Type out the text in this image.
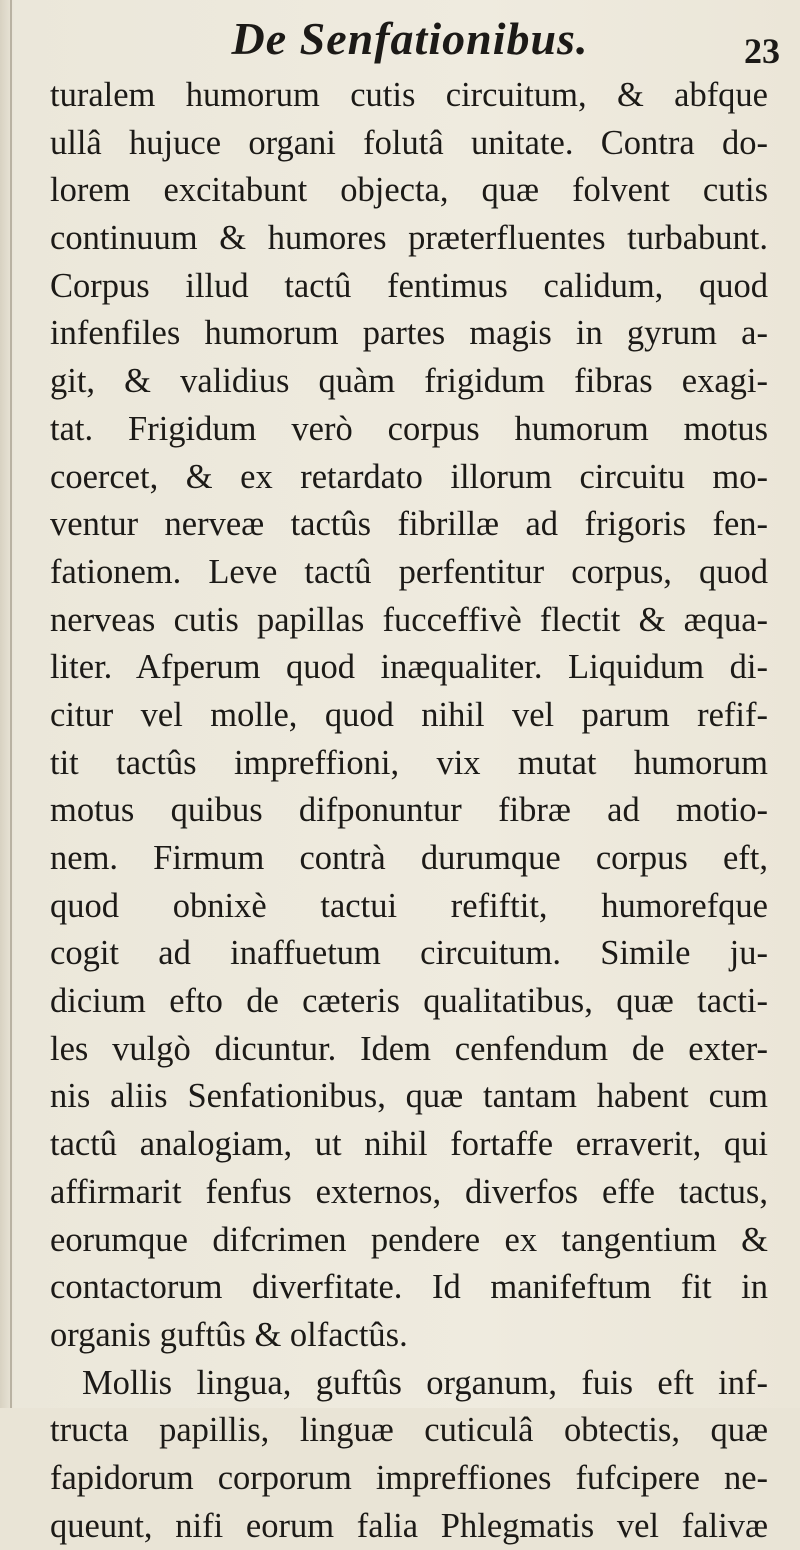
De Senfationibus.	23
turalem humorum cutis circuitum, & abfque
ullâ hujuce organi folutâ unitate. Contra do-
lorem excitabunt objecta, quæ folvent cutis
continuum & humores præterfluentes turbabunt.
Corpus illud tactû fentimus calidum, quod
infenfiles humorum partes magis in gyrum a-
git, & validius quàm frigidum fibras exagi-
tat. Frigidum verò corpus humorum motus
coercet, & ex retardato illorum circuitu mo-
ventur nerveæ tactûs fibrillæ ad frigoris fen-
fationem. Leve tactû perfentitur corpus, quod
nerveas cutis papillas fucceffivè flectit & æqua-
liter. Afperum quod inæqualiter. Liquidum di-
citur vel molle, quod nihil vel parum refif-
tit tactûs impreffioni, vix mutat humorum
motus quibus difponuntur fibræ ad motio-
nem. Firmum contrà durumque corpus eft,
quod obnixè tactui refiftit, humorefque
cogit ad inaffuetum circuitum. Simile ju-
dicium efto de cæteris qualitatibus, quæ tacti-
les vulgò dicuntur. Idem cenfendum de exter-
nis aliis Senfationibus, quæ tantam habent cum
tactû analogiam, ut nihil fortaffe erraverit, qui
affirmarit fenfus externos, diverfos effe tactus,
eorumque difcrimen pendere ex tangentium &
contactorum diverfitate. Id manifeftum fit in
organis guftûs & olfactûs.
Mollis lingua, guftûs organum, fuis eft inf-
tructa papillis, linguæ cuticulâ obtectis, quæ
fapidorum corporum impreffiones fufcipere ne-
queunt, nifi eorum falia Phlegmatis vel falivæ
